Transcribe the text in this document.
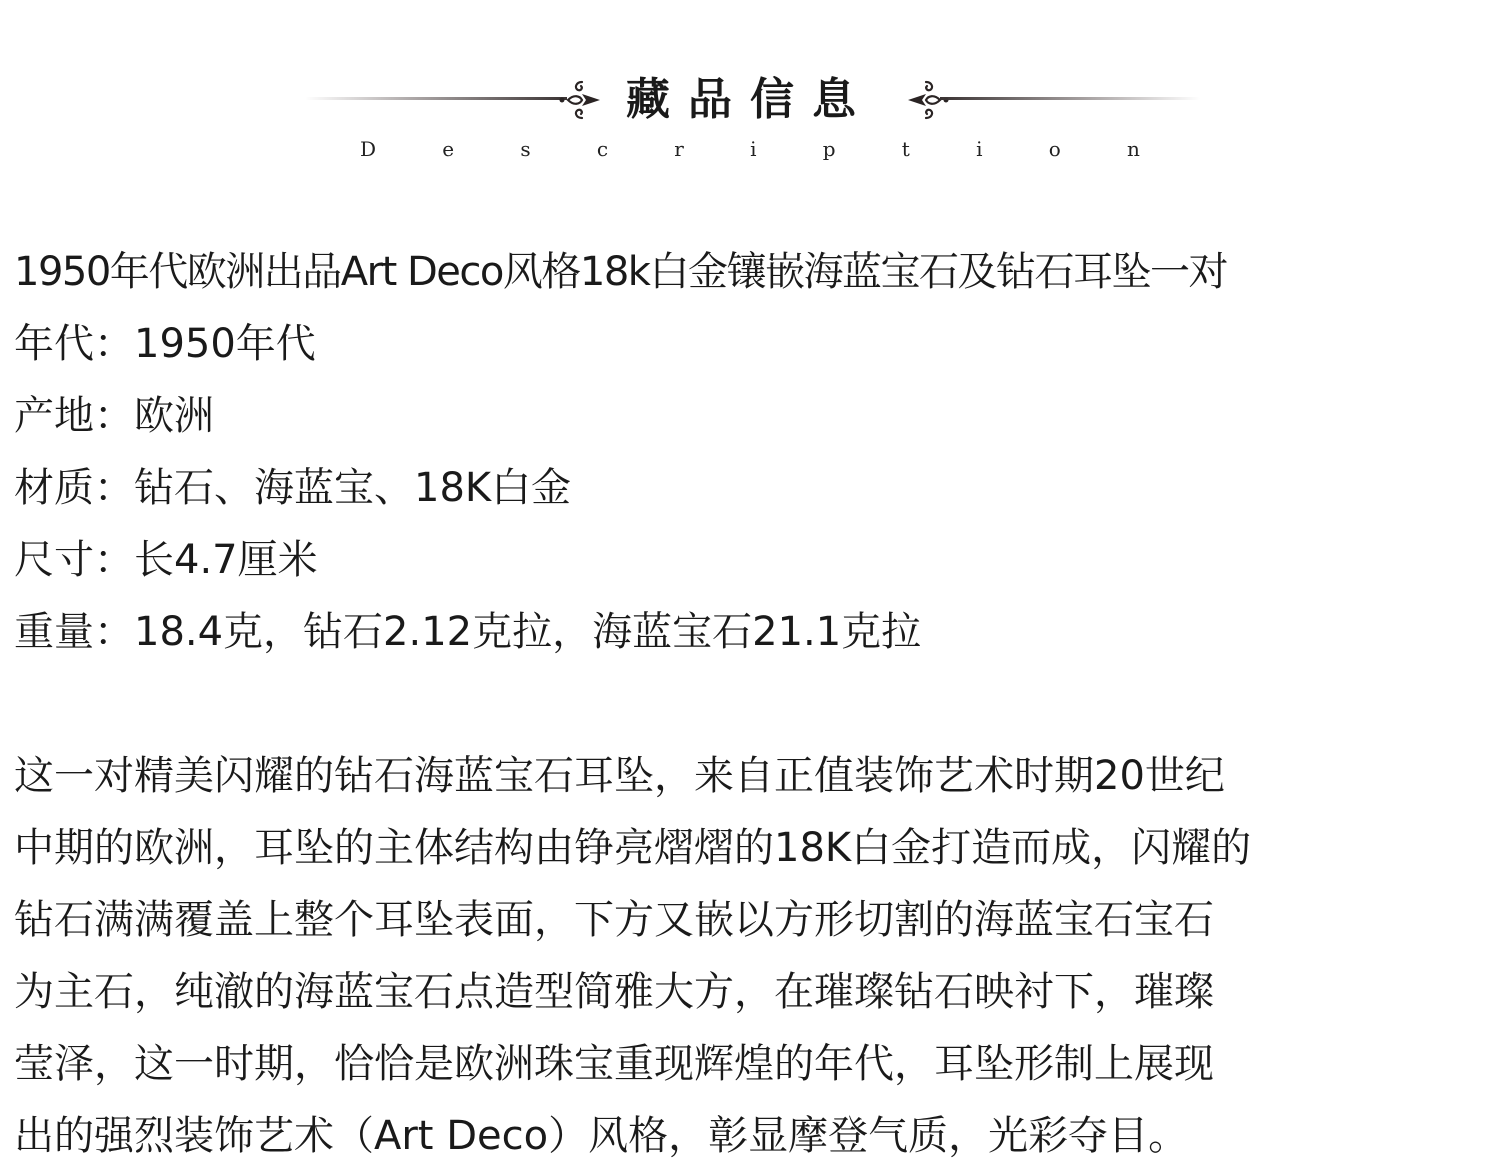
藏品信息
D	e	s	c	r	i	p	t	i	o	n
1950年代欧洲出品Art Deco风格18k白金镶嵌海蓝宝石及钻石耳坠一对
年代：1950年代
产地：欧洲
材质：钻石、海蓝宝、18K白金
尺寸：长4.7厘米
重量：18.4克，钻石2.12克拉，海蓝宝石21.1克拉
这一对精美闪耀的钻石海蓝宝石耳坠，来自正值装饰艺术时期20世纪
中期的欧洲，耳坠的主体结构由铮亮熠熠的18K白金打造而成，闪耀的
钻石满满覆盖上整个耳坠表面，下方又嵌以方形切割的海蓝宝石宝石
为主石，纯澈的海蓝宝石点造型简雅大方，在璀璨钻石映衬下，璀璨
莹泽，这一时期，恰恰是欧洲珠宝重现辉煌的年代，耳坠形制上展现
出的强烈装饰艺术（Art Deco）风格，彰显摩登气质，光彩夺目。
